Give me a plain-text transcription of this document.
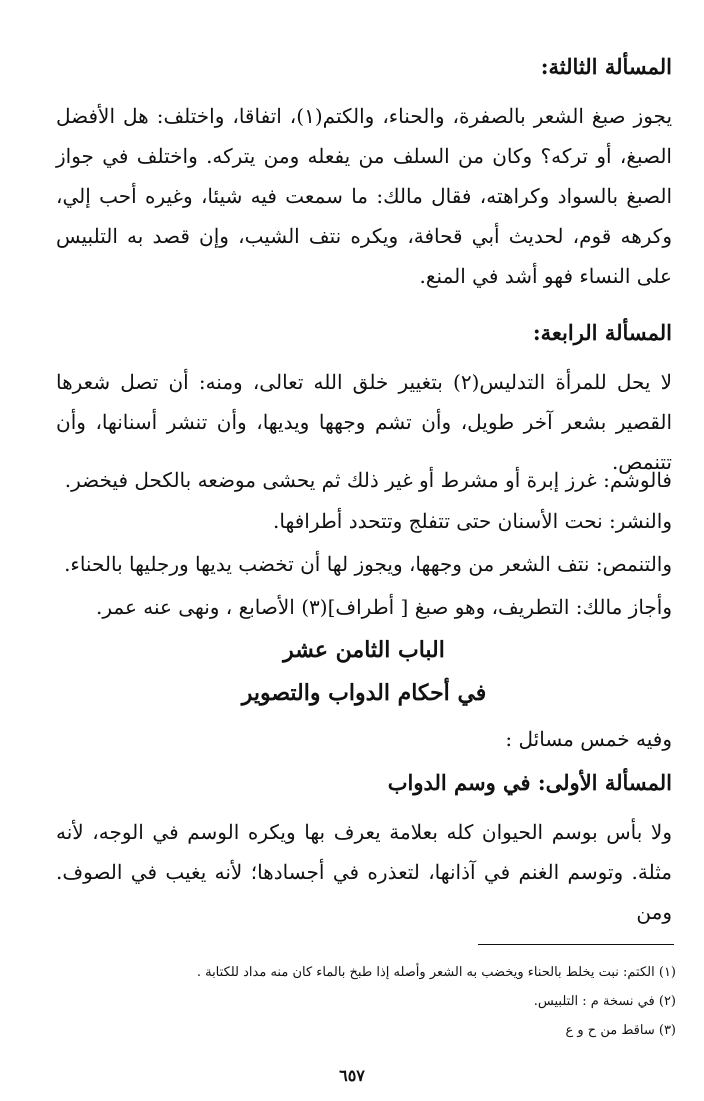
المسألة الثالثة:
يجوز صبغ الشعر بالصفرة، والحناء، والكتم(١)، اتفاقا، واختلف: هل الأفضل الصبغ، أو تركه؟ وكان من السلف من يفعله ومن يتركه. واختلف في جواز الصبغ بالسواد وكراهته، فقال مالك: ما سمعت فيه شيئا، وغيره أحب إلي، وكرهه قوم، لحديث أبي قحافة، ويكره نتف الشيب، وإن قصد به التلبيس على النساء فهو أشد في المنع.
المسألة الرابعة:
لا يحل للمرأة التدليس(٢) بتغيير خلق الله تعالى، ومنه: أن تصل شعرها القصير بشعر آخر طويل، وأن تشم وجهها ويديها، وأن تنشر أسنانها، وأن تتنمص.
فالوشم: غرز إبرة أو مشرط أو غير ذلك ثم يحشى موضعه بالكحل فيخضر.
والنشر: نحت الأسنان حتى تتفلج وتتحدد أطرافها.
والتنمص: نتف الشعر من وجهها، ويجوز لها أن تخضب يديها ورجليها بالحناء.
وأجاز مالك: التطريف، وهو صبغ [ أطراف](٣) الأصابع ، ونهى عنه عمر.
الباب الثامن عشر
في أحكام الدواب والتصوير
وفيه خمس مسائل :
المسألة الأولى: في وسم الدواب
ولا بأس بوسم الحيوان كله بعلامة يعرف بها ويكره الوسم في الوجه، لأنه مثلة. وتوسم الغنم في آذانها، لتعذره في أجسادها؛ لأنه يغيب في الصوف. ومن
(١) الكتم: نبت يخلط بالحناء ويخضب به الشعر وأصله إذا طبخ بالماء كان منه مداد للكتابة .
(٢) في نسخة م : التلبيس.
(٣) ساقط من ح و ع
٦٥٧
